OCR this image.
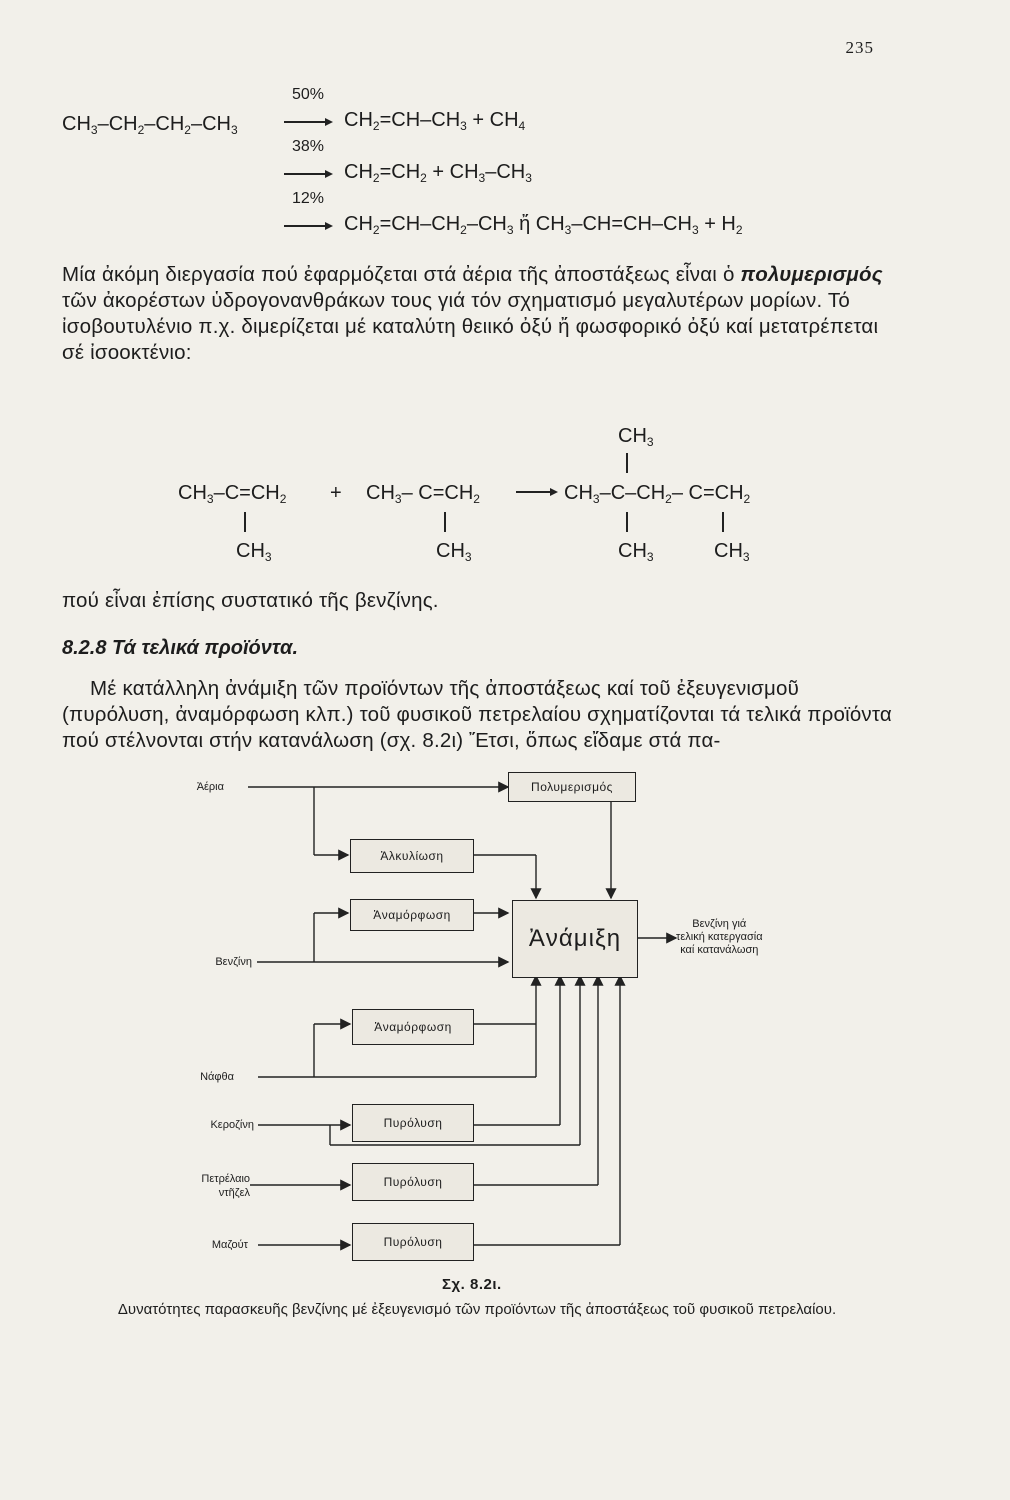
235
$CH_3-CH_2-CH_2-CH_3$
50%
$CH_2=CH-CH_3 + CH_4$
38%
$CH_2=CH_2 + CH_3-CH_3$
12%
$CH_2=CH-CH_2-CH_3$ ἤ $CH_3-CH=CH-CH_3 + H_2$
Μία ἀκόμη διεργασία πού ἐφαρμόζεται στά ἀέρια τῆς ἀποστάξεως εἶναι ὁ πολυμερισμός τῶν ἀκορέστων ὑδρογονανθράκων τους γιά τόν σχηματισμό μεγαλυτέρων μορίων. Τό ἰσοβουτυλένιο π.χ. διμερίζεται μέ καταλύτη θειικό ὀξύ ἤ φωσφορικό ὀξύ καί μετατρέπεται σέ ἰσοοκτένιο:
$CH_3$
$CH_3-C=CH_2 + CH_3-$ $C=CH_2$	$CH_3-C-CH_2-$ $C=CH_2$
$CH_3$	$CH_3$	$CH_3$	$CH_3$
πού εἶναι ἐπίσης συστατικό τῆς βενζίνης.
8.2.8 Τά τελικά προϊόντα.
Μέ κατάλληλη ἀνάμιξη τῶν προϊόντων τῆς ἀποστάξεως καί τοῦ ἐξευγενισμοῦ (πυρόλυση, ἀναμόρφωση κλπ.) τοῦ φυσικοῦ πετρελαίου σχηματίζονται τά τελικά προϊόντα πού στέλνονται στήν κατανάλωση (σχ. 8.2ι) Ἔτσι, ὅπως εἴδαμε στά πα-
Ἀέρια
Βενζίνη
Νάφθα
Κεροζίνη
Πετρέλαιο
ντῆζελ
Μαζούτ
Πολυμερισμός
Ἀλκυλίωση
Ἀναμόρφωση
Ἀνάμιξη
Ἀναμόρφωση
Πυρόλυση
Πυρόλυση
Πυρόλυση
Βενζίνη γιά
τελική κατεργασία
καί κατανάλωση
Σχ. 8.2ι.
Δυνατότητες παρασκευῆς βενζίνης μέ ἐξευγενισμό τῶν προϊόντων τῆς ἀποστάξεως τοῦ φυσικοῦ πετρελαίου.
